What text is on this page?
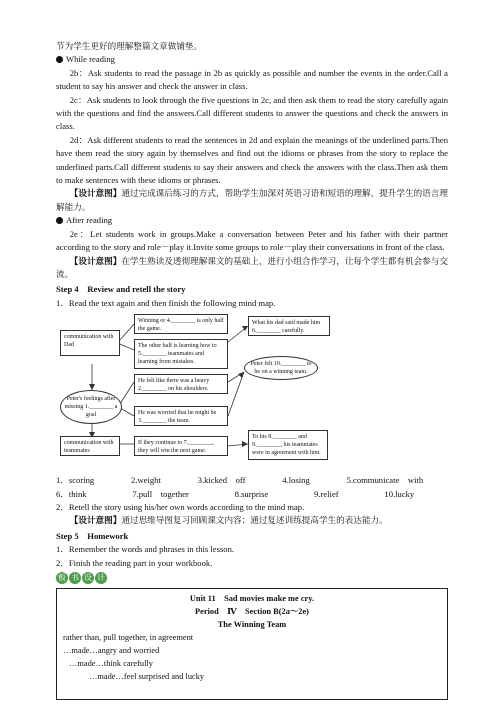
节为学生更好的理解整篇文章做铺垫。

While reading

2b：Ask students to read the passage in 2b as quickly as possible and number the events in the order.Call a student to say his answer and check the answer in class.

2c：Ask students to look through the five questions in 2c, and then ask them to read the story carefully again with the questions and find the answers.Call different students to answer the questions and check the answers in class.

2d：Ask different students to read the sentences in 2d and explain the meanings of the underlined parts.Then have them read the story again by themselves and find out the idioms or phrases from the story to replace the underlined parts.Call different students to say their answers and check the answers with the class.Then ask them to make sentences with these idioms or phrases.

【设计意图】通过完成课后练习的方式，帮助学生加深对英语习语和短语的理解，提升学生的语言理解能力。

After reading

2e：Let students work in groups.Make a conversation between Peter and his father with their partner according to the story and role－play it.Invite some groups to role－play their conversations in front of the class.

【设计意图】在学生熟读及透彻理解课文的基础上，进行小组合作学习，让每个学生都有机会参与交流。

Step 4　Review and retell the story

1．Read the text again and then finish the following mind map.

communication with Dad
Winning or 4.________ is only half the game.
The other half is learning how to 5.________ teammates and learning from mistakes.
What his dad said made him 6.________ carefully.
Peter's feelings after missing 1.________ a goal
He felt like there was a heavy 2.________ on his shoulders.
He was worried that he might be 3.________ the team.
Peter felt 10.________ to be on a winning team.
communication with teammates
If they continue to 7.________, they will win the next game.
To his 8.________ and 9.________, his teammates were in agreement with him.
1．scoring	2.weight	3.kicked　off	4.losing	5.communicate　with
6．think	7.pull　together	8.surprise	9.relief	10.lucky

2．Retell the story using his/her own words according to the mind map.

【设计意图】通过思维导图复习回顾课文内容；通过复述训练提高学生的表达能力。

Step 5　Homework

1．Remember the words and phrases in this lesson.

2．Finish the reading part in your workbook.

板 书 设 计
Unit 11　Sad movies make me cry.
Period　Ⅳ　Section B(2a～2e)
The Winning Team
rather than, pull together, in agreement
…made…angry and worried
…made…think carefully
…made…feel surprised and lucky
